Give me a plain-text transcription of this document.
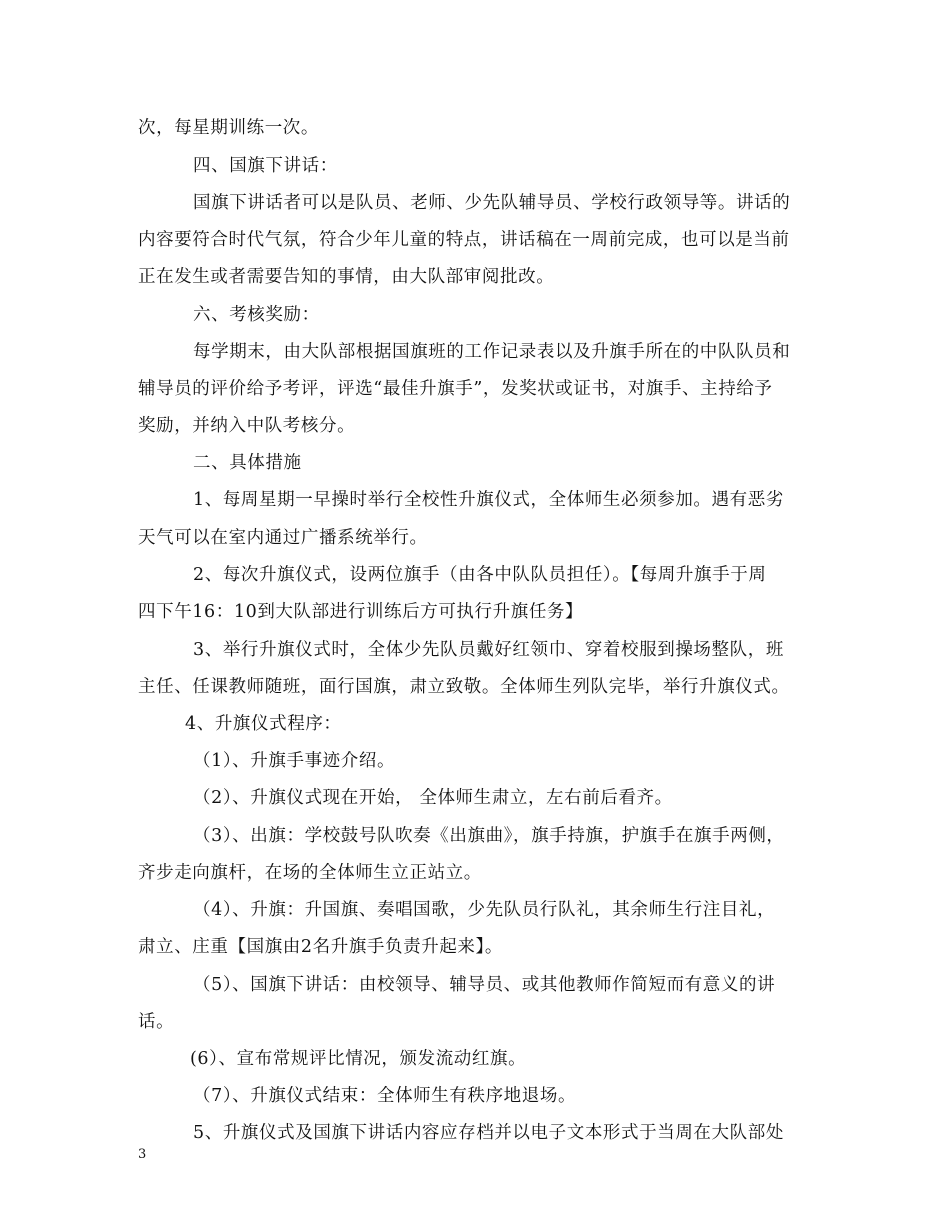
次，每星期训练一次。
四、国旗下讲话：
国旗下讲话者可以是队员、老师、少先队辅导员、学校行政领导等。讲话的
内容要符合时代气氛，符合少年儿童的特点，讲话稿在一周前完成，也可以是当前
正在发生或者需要告知的事情，由大队部审阅批改。
六、考核奖励：
每学期末，由大队部根据国旗班的工作记录表以及升旗手所在的中队队员和
辅导员的评价给予考评，评选“最佳升旗手”，发奖状或证书，对旗手、主持给予
奖励，并纳入中队考核分。
二、具体措施
1、每周星期一早操时举行全校性升旗仪式，全体师生必须参加。遇有恶劣
天气可以在室内通过广播系统举行。
2、每次升旗仪式，设两位旗手（由各中队队员担任）。【每周升旗手于周
四下午16：10到大队部进行训练后方可执行升旗任务】
3、举行升旗仪式时，全体少先队员戴好红领巾、穿着校服到操场整队，班
主任、任课教师随班，面行国旗，肃立致敬。全体师生列队完毕，举行升旗仪式。
4、升旗仪式程序：
（1）、升旗手事迹介绍。
（2）、升旗仪式现在开始， 全体师生肃立，左右前后看齐。
（3）、出旗：学校鼓号队吹奏《出旗曲》，旗手持旗，护旗手在旗手两侧，
齐步走向旗杆，在场的全体师生立正站立。
（4）、升旗：升国旗、奏唱国歌，少先队员行队礼，其余师生行注目礼，
肃立、庄重【国旗由2名升旗手负责升起来】。
（5）、国旗下讲话：由校领导、辅导员、或其他教师作简短而有意义的讲
话。
(6）、宣布常规评比情况，颁发流动红旗。
（7）、升旗仪式结束：全体师生有秩序地退场。
5、升旗仪式及国旗下讲话内容应存档并以电子文本形式于当周在大队部处
3
